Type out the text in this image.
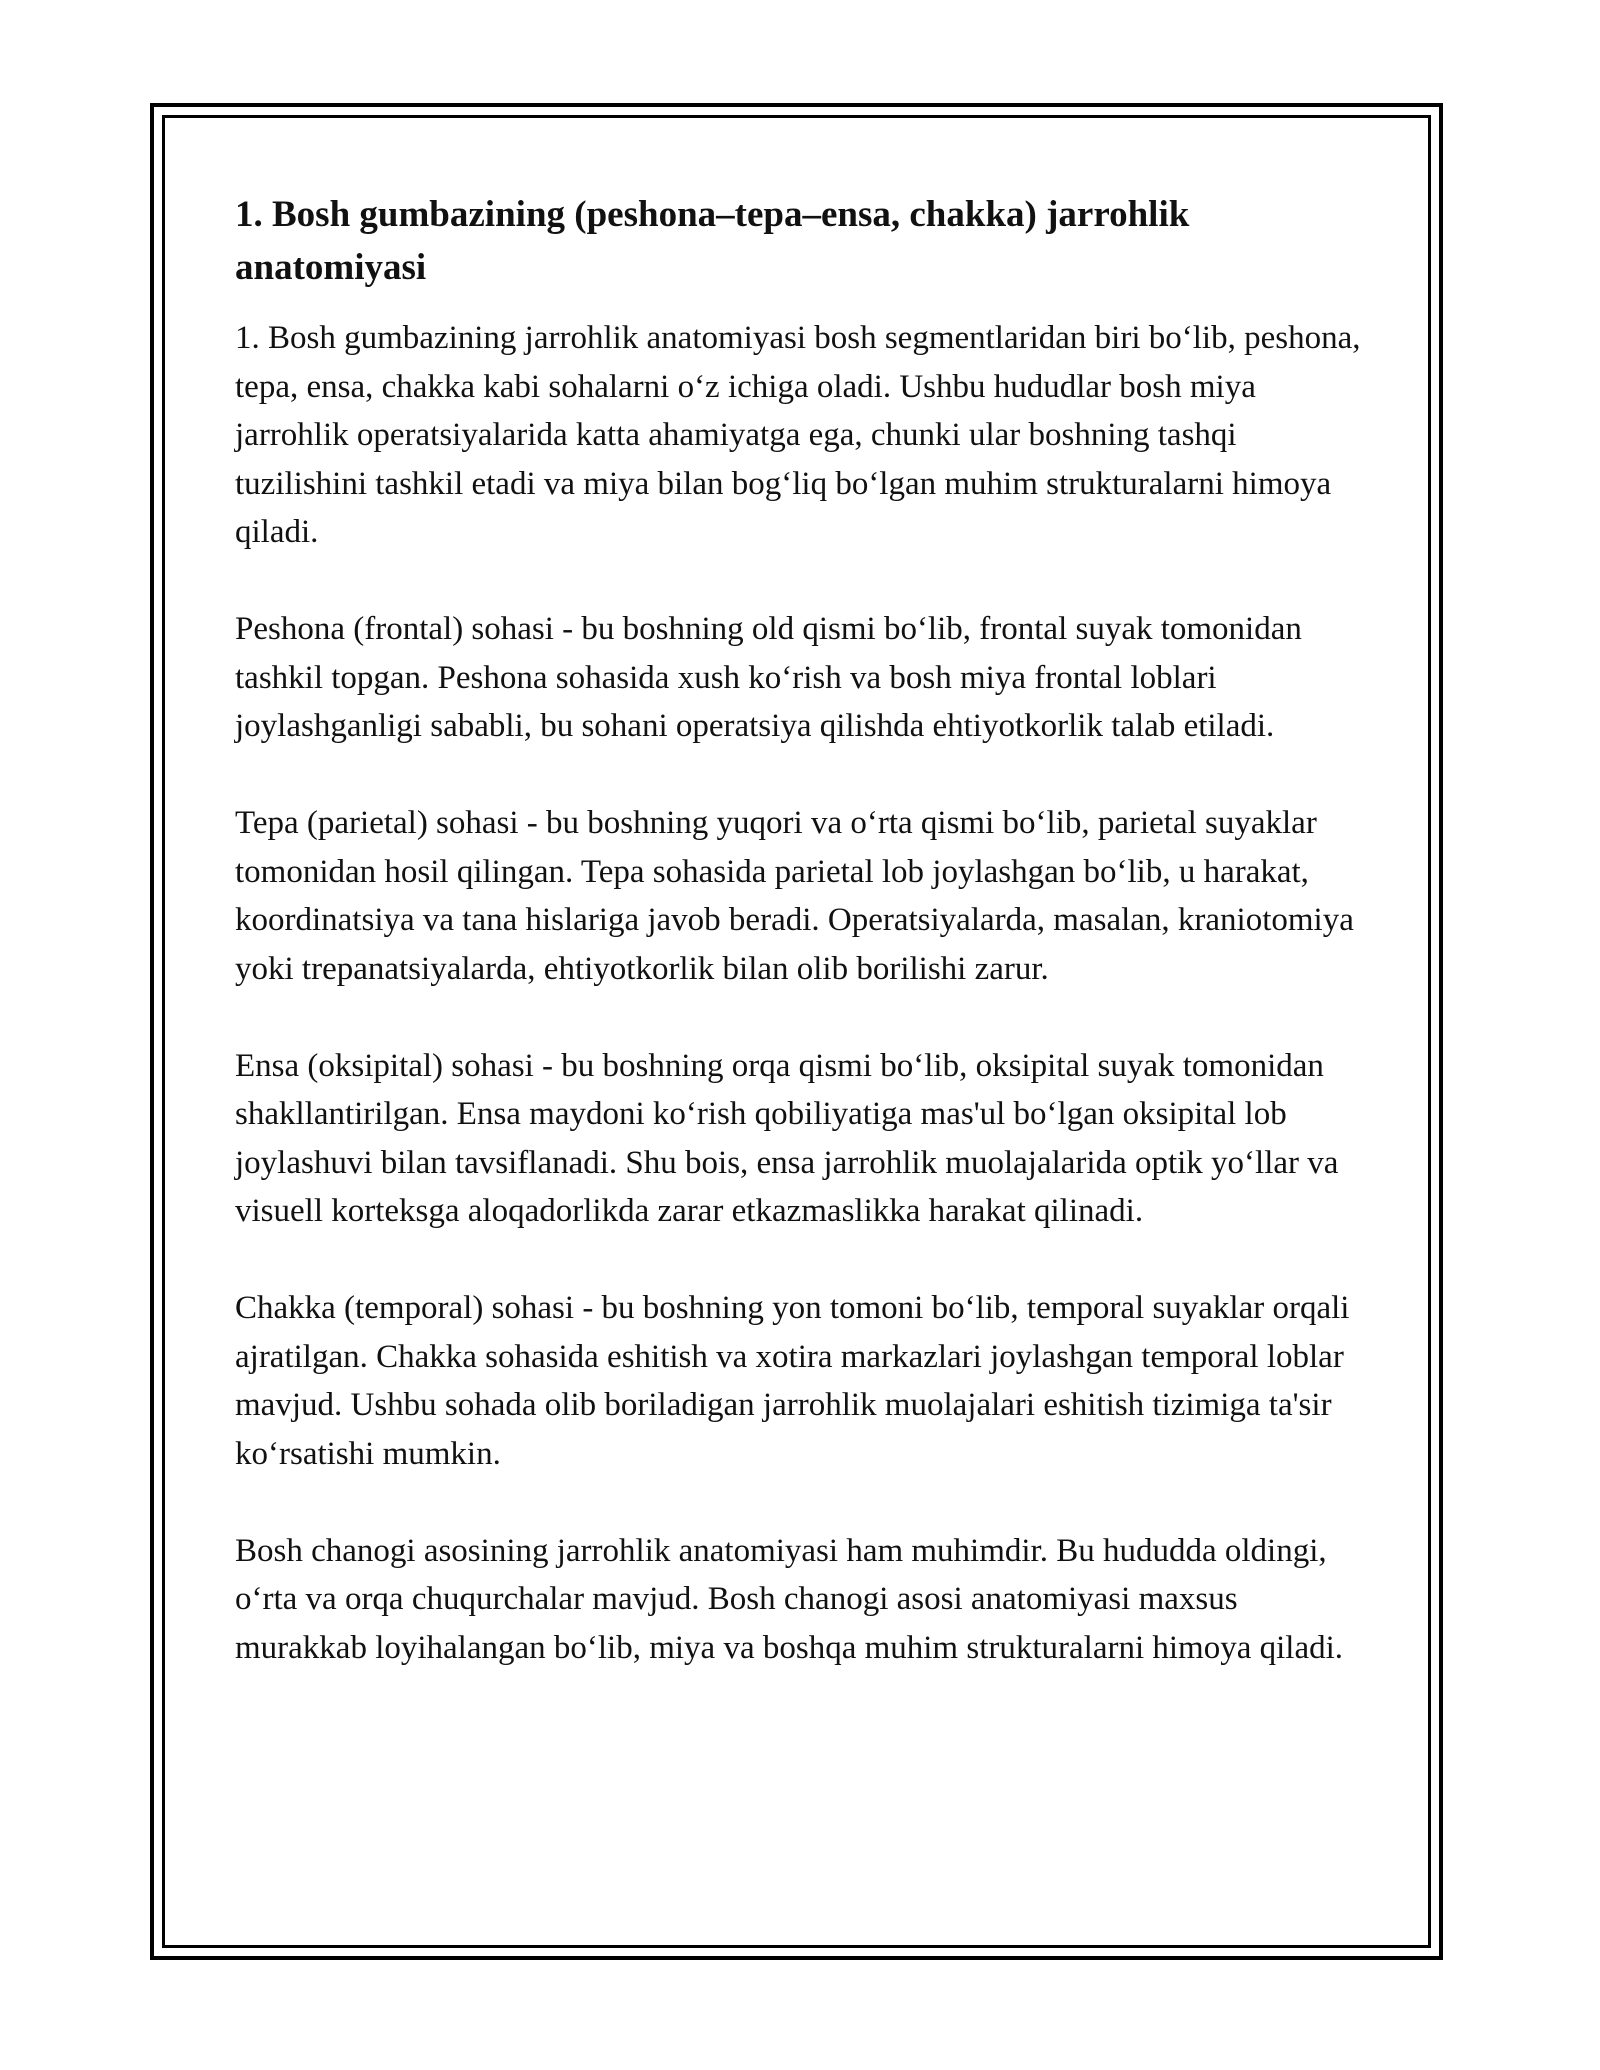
1. Bosh gumbazining (peshona–tepa–ensa, chakka) jarrohlik anatomiyasi

1. Bosh gumbazining jarrohlik anatomiyasi bosh segmentlaridan biri bo‘lib, peshona, tepa, ensa, chakka kabi sohalarni o‘z ichiga oladi. Ushbu hududlar bosh miya jarrohlik operatsiyalarida katta ahamiyatga ega, chunki ular boshning tashqi tuzilishini tashkil etadi va miya bilan bog‘liq bo‘lgan muhim strukturalarni himoya qiladi.

Peshona (frontal) sohasi - bu boshning old qismi bo‘lib, frontal suyak tomonidan tashkil topgan. Peshona sohasida xush ko‘rish va bosh miya frontal loblari joylashganligi sababli, bu sohani operatsiya qilishda ehtiyotkorlik talab etiladi.

Tepa (parietal) sohasi - bu boshning yuqori va o‘rta qismi bo‘lib, parietal suyaklar tomonidan hosil qilingan. Tepa sohasida parietal lob joylashgan bo‘lib, u harakat, koordinatsiya va tana hislariga javob beradi. Operatsiyalarda, masalan, kraniotomiya yoki trepanatsiyalarda, ehtiyotkorlik bilan olib borilishi zarur.

Ensa (oksipital) sohasi - bu boshning orqa qismi bo‘lib, oksipital suyak tomonidan shakllantirilgan. Ensa maydoni ko‘rish qobiliyatiga mas'ul bo‘lgan oksipital lob joylashuvi bilan tavsiflanadi. Shu bois, ensa jarrohlik muolajalarida optik yo‘llar va visuell korteksga aloqadorlikda zarar etkazmaslikka harakat qilinadi.

Chakka (temporal) sohasi - bu boshning yon tomoni bo‘lib, temporal suyaklar orqali ajratilgan. Chakka sohasida eshitish va xotira markazlari joylashgan temporal loblar mavjud. Ushbu sohada olib boriladigan jarrohlik muolajalari eshitish tizimiga ta'sir ko‘rsatishi mumkin.

Bosh chanogi asosining jarrohlik anatomiyasi ham muhimdir. Bu hududda oldingi, o‘rta va orqa chuqurchalar mavjud. Bosh chanogi asosi anatomiyasi maxsus murakkab loyihalangan bo‘lib, miya va boshqa muhim strukturalarni himoya qiladi.
